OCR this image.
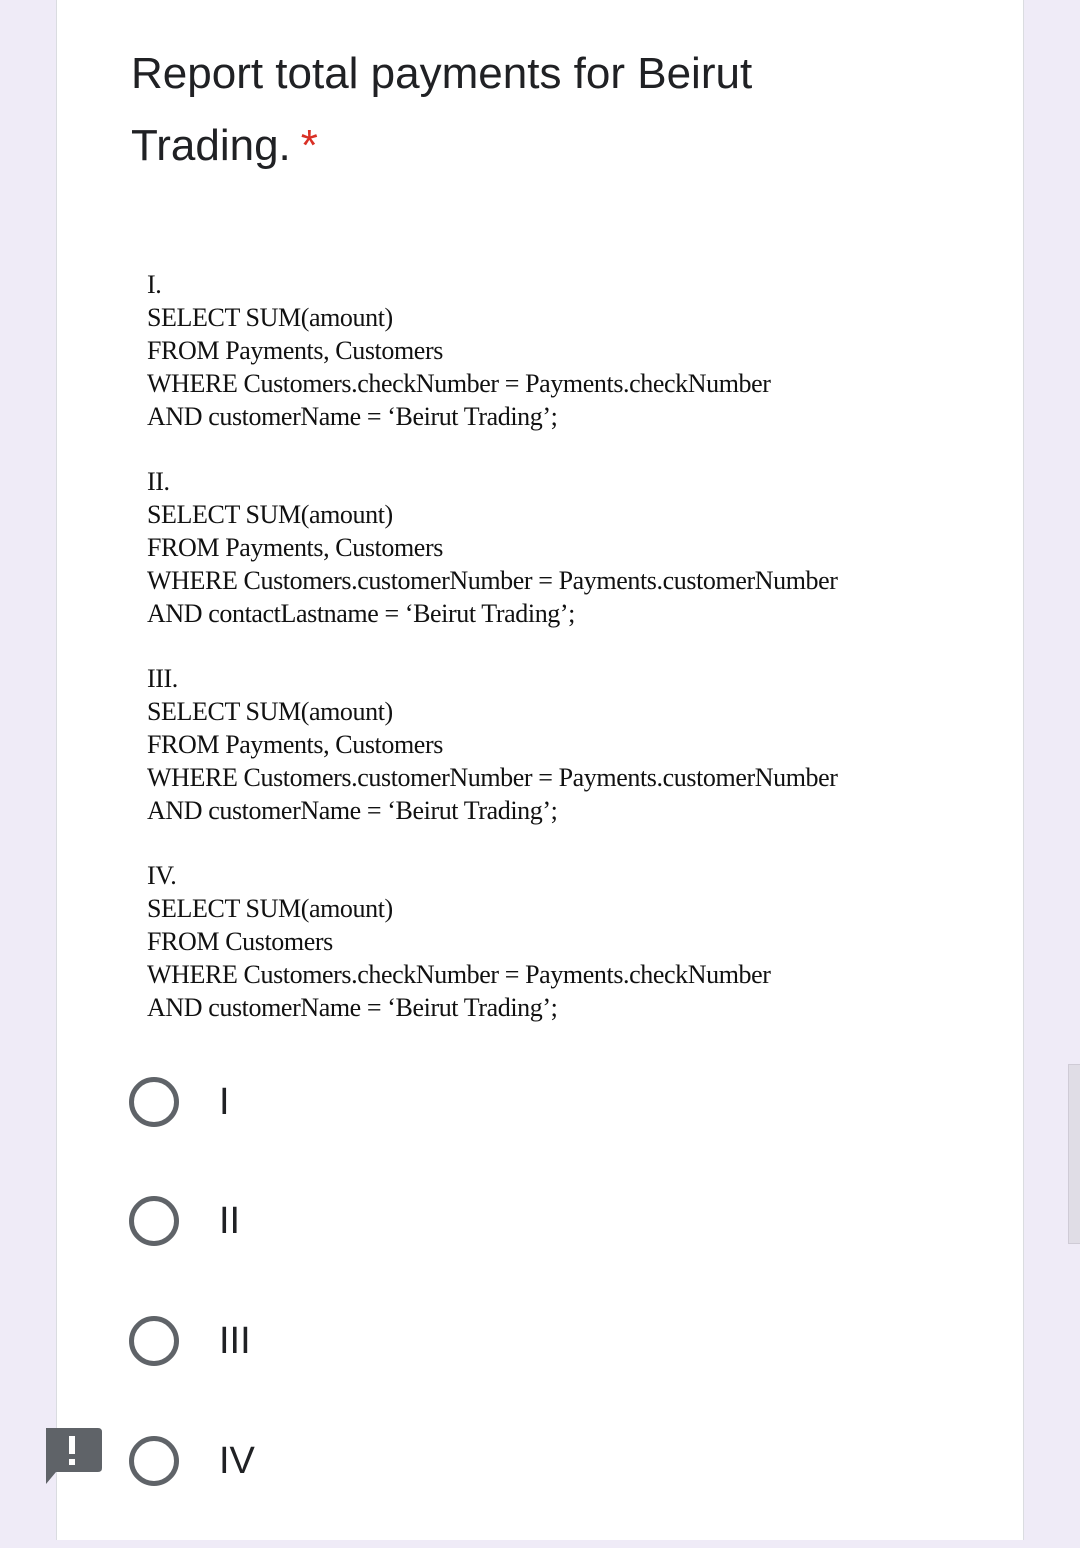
Report total payments for Beirut Trading. *
I.
SELECT SUM(amount)
FROM Payments, Customers
WHERE Customers.checkNumber = Payments.checkNumber
AND customerName = ‘Beirut Trading’;
II.
SELECT SUM(amount)
FROM Payments, Customers
WHERE Customers.customerNumber = Payments.customerNumber
AND contactLastname = ‘Beirut Trading’;
III.
SELECT SUM(amount)
FROM Payments, Customers
WHERE Customers.customerNumber = Payments.customerNumber
AND customerName = ‘Beirut Trading’;
IV.
SELECT SUM(amount)
FROM Customers
WHERE Customers.checkNumber = Payments.checkNumber
AND customerName = ‘Beirut Trading’;
I
II
III
IV
